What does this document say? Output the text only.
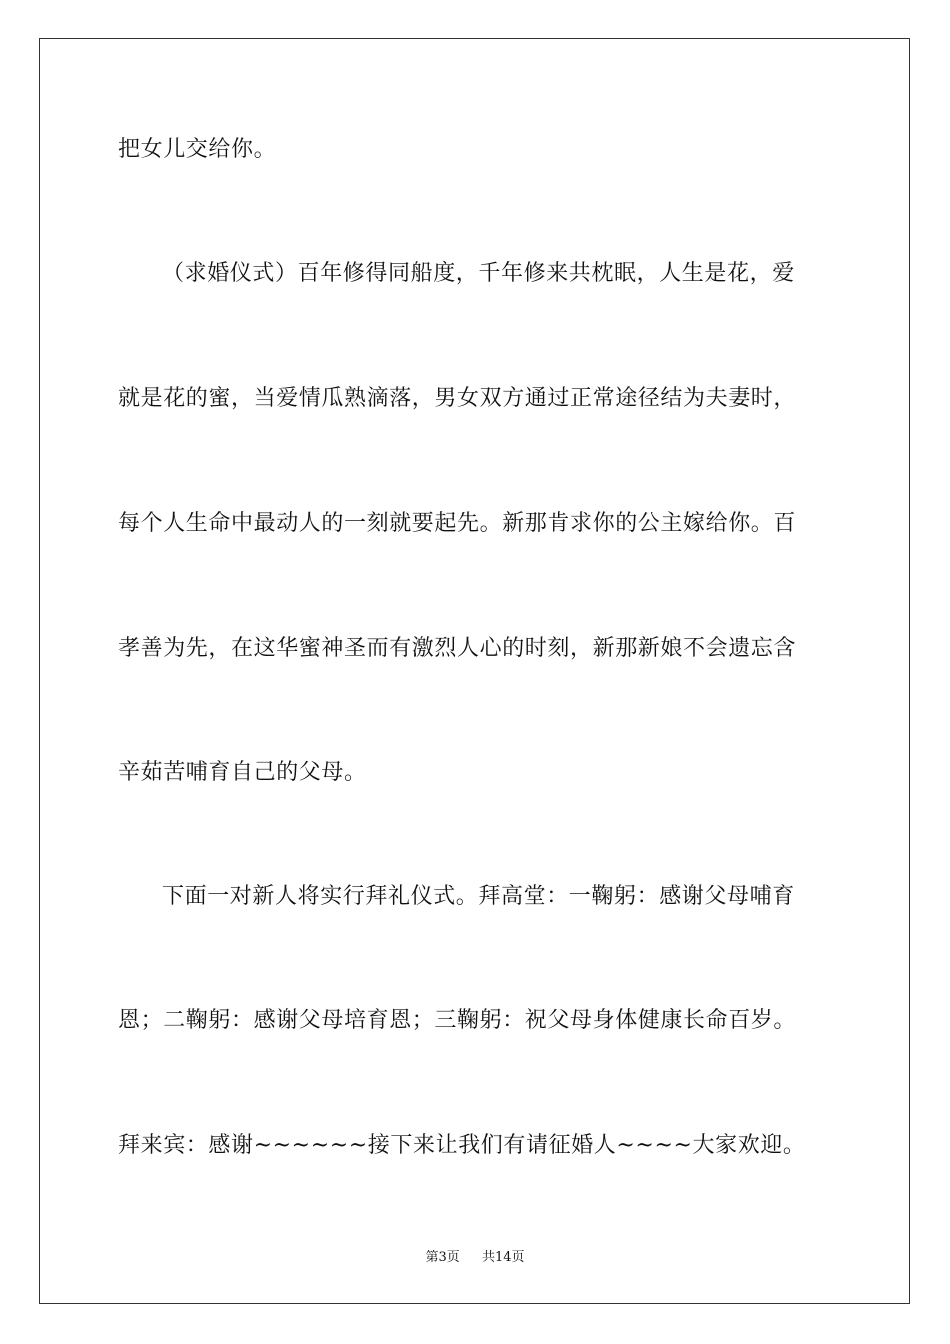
把女儿交给你。
（求婚仪式）百年修得同船度，千年修来共枕眠，人生是花，爱
就是花的蜜，当爱情瓜熟滴落，男女双方通过正常途径结为夫妻时，
每个人生命中最动人的一刻就要起先。新那肯求你的公主嫁给你。百
孝善为先，在这华蜜神圣而有激烈人心的时刻，新那新娘不会遗忘含
辛茹苦哺育自己的父母。
下面一对新人将实行拜礼仪式。拜高堂：一鞠躬：感谢父母哺育
恩；二鞠躬：感谢父母培育恩；三鞠躬：祝父母身体健康长命百岁。
拜来宾：感谢~~~~~~接下来让我们有请征婚人~~~~大家欢迎。
第3页 共14页
